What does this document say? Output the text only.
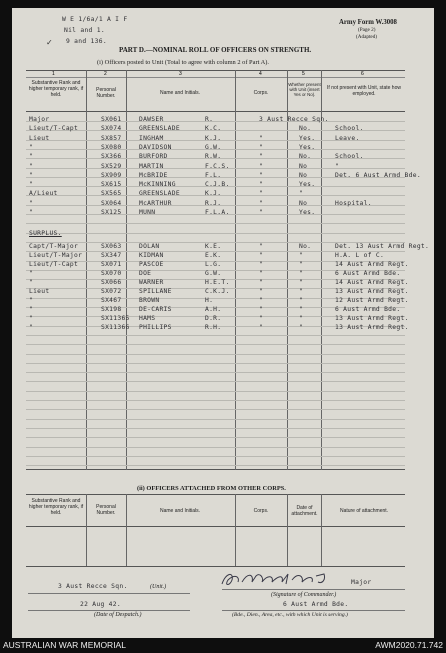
W E 1/6a/1 A I F
Nil and 1.
9 and 136.
✓
Army Form W.3008
(Page 2)
(Adapted)
PART D.—NOMINAL ROLL OF OFFICERS ON STRENGTH.
(i) Officers posted to Unit (Total to agree with column 2 of Part A).
1	2	3	4	5	6
Substantive Rank and higher temporary rank, if held.
Personal Number.	Name and Initials.	Corps.
Whether present with Unit (insert Yes or No).
If not present with Unit, state how employed.
Major	SX061	DAWSER	R.	3 Aust Recce Sqn.
Lieut/T-Capt	SX074	GREENSLADE	K.C.	No.	School.
Lieut	SX857	INGHAM	K.J.	"	Yes.	Leave.
"	SX080	DAVIDSON	G.W.	"	Yes.
"	SX366	BURFORD	R.W.	"	No.	School.
"	SX529	MARTIN	F.C.S.	"	No	"
"	SX909	McBRIDE	F.L.	"	No	Det. 6 Aust Armd Bde.
"	SX615	McKINNING	C.J.B.	"	Yes.
A/Lieut	SX565	GREENSLADE	K.J.	"	"
"	SX064	McARTHUR	R.J.	"	No	Hospital.
"	SX125	MUNN	F.L.A.	"	Yes.
SURPLUS.
Capt/T-Major	SX063	DOLAN	K.E.	"	No.	Det. 13 Aust Armd Regt.
Lieut/T-Major	SX347	KIDMAN	E.K.	"	"	H.A. L of C.
Lieut/T-Capt	SX071	PASCOE	L.G.	"	"	14 Aust Armd Regt.
"	SX070	DOE	G.W.	"	"	6 Aust Armd Bde.
"	SX066	WARNER	H.E.T.	"	"	14 Aust Armd Regt.
Lieut	SX072	SPILLANE	C.K.J.	"	"	13 Aust Armd Regt.
"	SX467	BROWN	H.	"	"	12 Aust Armd Regt.
"	SX198	DE-CARIS	A.H.	"	"	6 Aust Armd Bde.
"	SX11365 HAMS	D.R.	"	"	13 Aust Armd Regt.
"	SX11366 PHILLIPS	R.H.	"	"	13 Aust Armd Regt.
(ii) OFFICERS ATTACHED FROM OTHER CORPS.
Substantive Rank and higher temporary rank, if held.
Personal Number.	Name and Initials.	Corps.	Date of attachment.	Nature of attachment.
3 Aust Recce Sqn.	(Unit.)
Major
(Signature of Commander.)
22 Aug 42.
(Date of Despatch.)
6 Aust Armd Bde.
(Bde., Dien., Area, etc., with which Unit is serving.)
AUSTRALIAN WAR MEMORIAL	AWM2020.71.742
